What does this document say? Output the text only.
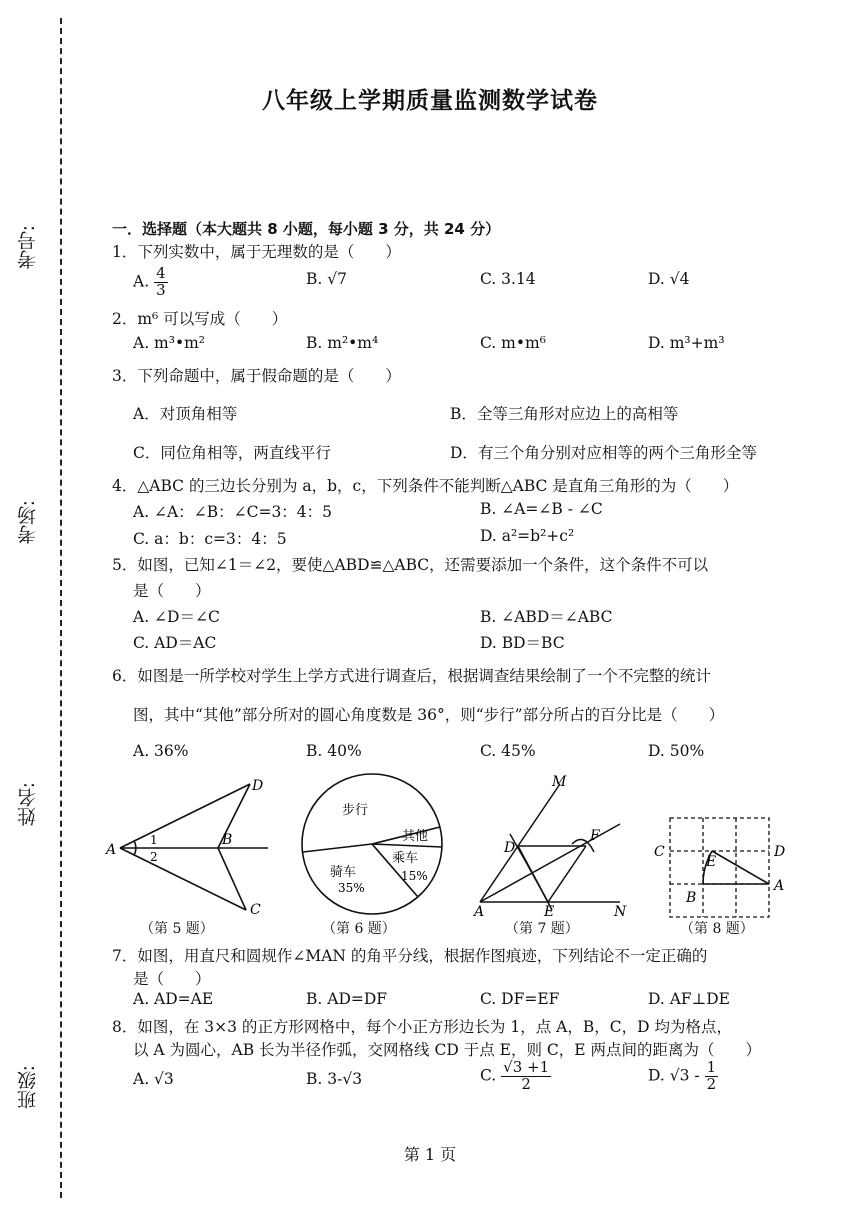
考号:
考场:
姓名:
班级:
八年级上学期质量监测数学试卷
一．选择题（本大题共 8 小题，每小题 3 分，共 24 分）
1．下列实数中，属于无理数的是（　　）
A. $\frac{4}{3}$	B. √7	C. 3.14	D. √4
2．m⁶ 可以写成（　　）
A. m³•m²	B. m²•m⁴	C. m•m⁶	D. m³+m³
3．下列命题中，属于假命题的是（　　）
A．对顶角相等	B．全等三角形对应边上的高相等
C．同位角相等，两直线平行	D．有三个角分别对应相等的两个三角形全等
4．△ABC 的三边长分别为 a，b，c，下列条件不能判断△ABC 是直角三角形的为（　　）
A. ∠A：∠B：∠C=3：4：5	B. ∠A=∠B - ∠C
C. a：b：c=3：4：5	D. a²=b²+c²
5．如图，已知∠1＝∠2，要使△ABD≌△ABC，还需要添加一个条件，这个条件不可以
是（　　）
A. ∠D＝∠C	B. ∠ABD＝∠ABC
C. AD＝AC	D. BD＝BC
6．如图是一所学校对学生上学方式进行调查后，根据调查结果绘制了一个不完整的统计
图，其中“其他”部分所对的圆心角度数是 36°，则“步行”部分所占的百分比是（　　）
A. 36%	B. 40%	C. 45%	D. 50%
A
B
C
D
1
2
（第 5 题）
步行
其他
乘车
15%
骑车
35%
（第 6 题）
M
D
F
A	E	N
（第 7 题）
C
E
D
B
A
（第 8 题）
7．如图，用直尺和圆规作∠MAN 的角平分线，根据作图痕迹，下列结论不一定正确的
是（　　）
A. AD=AE	B. AD=DF	C. DF=EF	D. AF⊥DE
8．如图，在 3×3 的正方形网格中，每个小正方形边长为 1，点 A，B，C，D 均为格点，
以 A 为圆心，AB 长为半径作弧，交网格线 CD 于点 E，则 C，E 两点间的距离为（　　）
A. √3	B. 3-√3	C. $\frac{√3 +1}{2}$	D. $√3 - \frac{1}{2}$
第 1 页
